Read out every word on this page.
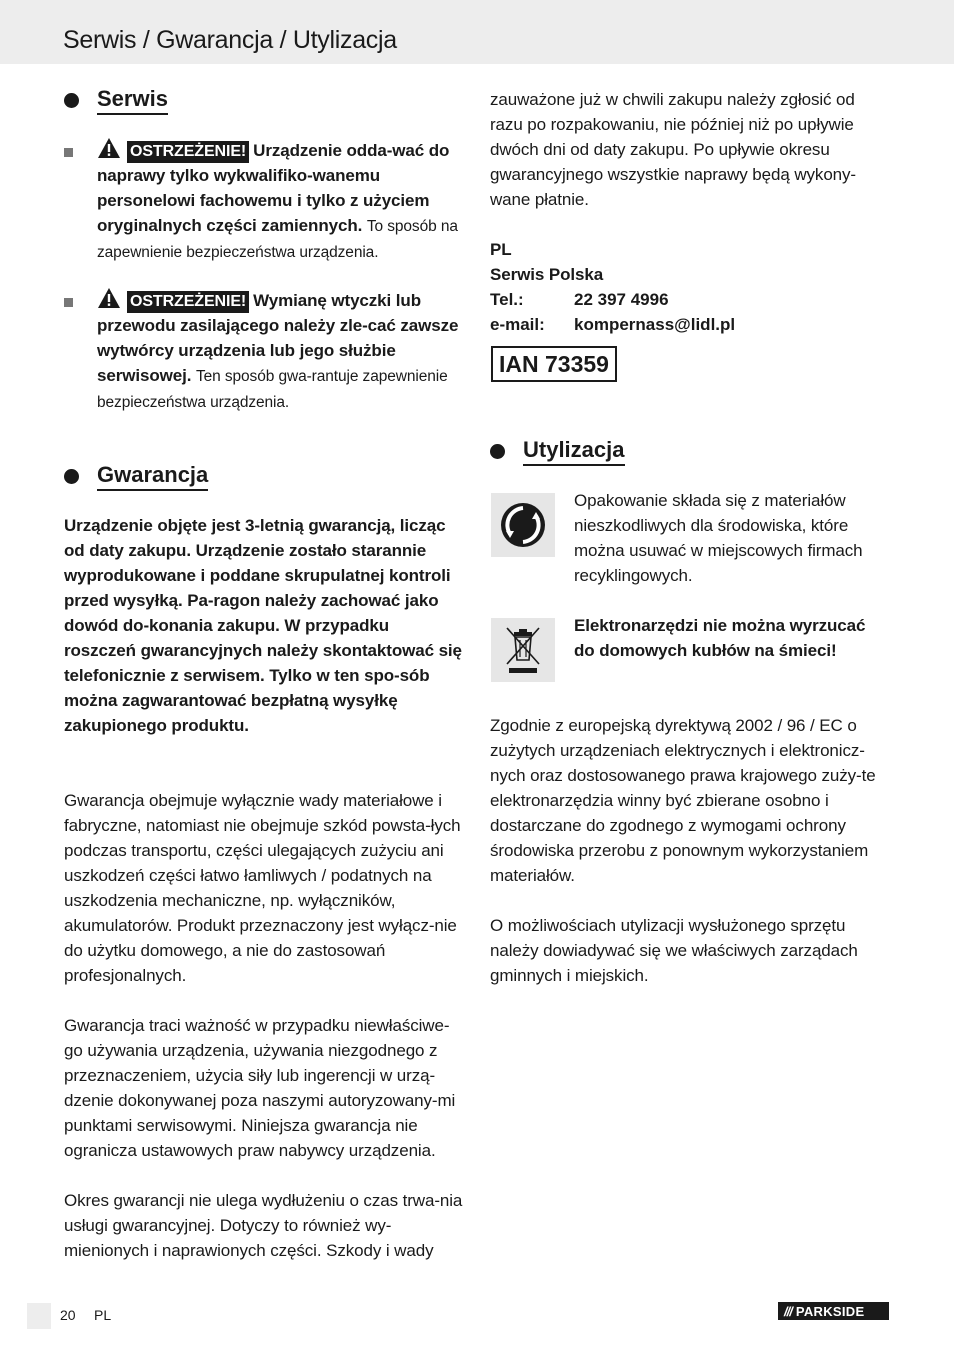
Serwis / Gwarancja / Utylizacja
Serwis
OSTRZEŻENIE! Urządzenie odda-wać do naprawy tylko wykwalifiko-wanemu personelowi fachowemu i tylko z użyciem oryginalnych części zamiennych. To sposób na zapewnienie bezpieczeństwa urządzenia.
OSTRZEŻENIE! Wymianę wtyczki lub przewodu zasilającego należy zle-cać zawsze wytwórcy urządzenia lub jego służbie serwisowej. Ten sposób gwa-rantuje zapewnienie bezpieczeństwa urządzenia.
Gwarancja
Urządzenie objęte jest 3-letnią gwarancją, licząc od daty zakupu. Urządzenie zostało starannie wyprodukowane i poddane skrupulatnej kontroli przed wysyłką. Pa-ragon należy zachować jako dowód do-konania zakupu. W przypadku roszczeń gwarancyjnych należy skontaktować się telefonicznie z serwisem. Tylko w ten spo-sób można zagwarantować bezpłatną wysyłkę zakupionego produktu.
Gwarancja obejmuje wyłącznie wady materiałowe i fabryczne, natomiast nie obejmuje szkód powsta-łych podczas transportu, części ulegających zużyciu ani uszkodzeń części łatwo łamliwych / podatnych na uszkodzenia mechaniczne, np. wyłączników, akumulatorów. Produkt przeznaczony jest wyłącz-nie do użytku domowego, a nie do zastosowań profesjonalnych.
Gwarancja traci ważność w przypadku niewłaściwe-go używania urządzenia, używania niezgodnego z przeznaczeniem, użycia siły lub ingerencji w urzą-dzenie dokonywanej poza naszymi autoryzowany-mi punktami serwisowymi. Niniejsza gwarancja nie ogranicza ustawowych praw nabywcy urządzenia.
Okres gwarancji nie ulega wydłużeniu o czas trwa-nia usługi gwarancyjnej. Dotyczy to również wy-mienionych i naprawionych części. Szkody i wady
zauważone już w chwili zakupu należy zgłosić od razu po rozpakowaniu, nie później niż po upływie dwóch dni od daty zakupu. Po upływie okresu gwarancyjnego wszystkie naprawy będą wykony-wane płatnie.
PL
Serwis Polska
Tel.:	22 397 4996
e-mail:	kompernass@lidl.pl
IAN 73359
Utylizacja
Opakowanie składa się z materiałów nieszkodliwych dla środowiska, które można usuwać w miejscowych firmach recyklingowych.
Elektronarzędzi nie można wyrzucać do domowych kubłów na śmieci!
Zgodnie z europejską dyrektywą 2002 / 96 / EC o zużytych urządzeniach elektrycznych i elektronicz-nych oraz dostosowanego prawa krajowego zuży-te elektronarzędzia winny być zbierane osobno i dostarczane do zgodnego z wymogami ochrony środowiska przerobu z ponownym wykorzystaniem materiałów.
O możliwościach utylizacji wysłużonego sprzętu należy dowiadywać się we właściwych zarządach gminnych i miejskich.
20 PL	/// PARKSIDE
